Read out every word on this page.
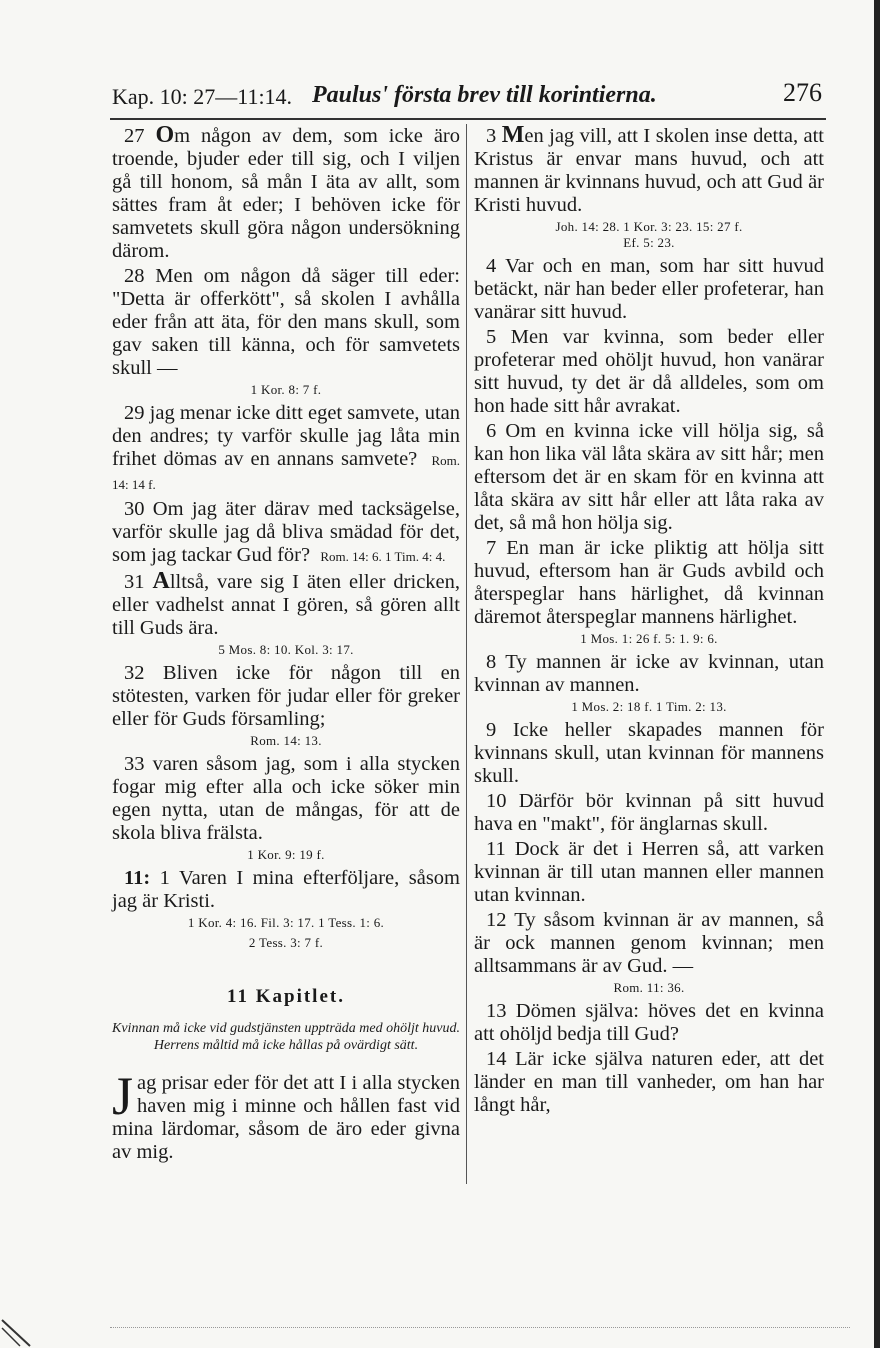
Kap. 10: 27—11:14. Paulus' första brev till korintierna.	276

27 Om någon av dem, som icke äro troende, bjuder eder till sig, och I viljen gå till honom, så mån I äta av allt, som sättes fram åt eder; I behöven icke för samvetets skull göra någon undersökning därom.

28 Men om någon då säger till eder: "Detta är offerkött", så skolen I avhålla eder från att äta, för den mans skull, som gav saken till känna, och för samvetets skull —

1 Kor. 8: 7 f.

29 jag menar icke ditt eget samvete, utan den andres; ty varför skulle jag låta min frihet dömas av en annans samvete? Rom. 14: 14 f.

30 Om jag äter därav med tacksägelse, varför skulle jag då bliva smädad för det, som jag tackar Gud för? Rom. 14: 6. 1 Tim. 4: 4.

31 Alltså, vare sig I äten eller dricken, eller vadhelst annat I gören, så gören allt till Guds ära.

5 Mos. 8: 10. Kol. 3: 17.

32 Bliven icke för någon till en stötesten, varken för judar eller för greker eller för Guds församling;

Rom. 14: 13.

33 varen såsom jag, som i alla stycken fogar mig efter alla och icke söker min egen nytta, utan de mångas, för att de skola bliva frälsta.

1 Kor. 9: 19 f.

11: 1 Varen I mina efterföljare, såsom jag är Kristi.

1 Kor. 4: 16. Fil. 3: 17. 1 Tess. 1: 6.

2 Tess. 3: 7 f.

11 Kapitlet.
Kvinnan må icke vid gudstjänsten uppträda med ohöljt huvud. Herrens måltid må icke hållas på ovärdigt sätt.

Jag prisar eder för det att I i alla stycken haven mig i minne och hållen fast vid mina lärdomar, såsom de äro eder givna av mig.

3 Men jag vill, att I skolen inse detta, att Kristus är envar mans huvud, och att mannen är kvinnans huvud, och att Gud är Kristi huvud.

Joh. 14: 28. 1 Kor. 3: 23. 15: 27 f.

Ef. 5: 23.

4 Var och en man, som har sitt huvud betäckt, när han beder eller profeterar, han vanärar sitt huvud.

5 Men var kvinna, som beder eller profeterar med ohöljt huvud, hon vanärar sitt huvud, ty det är då alldeles, som om hon hade sitt hår avrakat.

6 Om en kvinna icke vill hölja sig, så kan hon lika väl låta skära av sitt hår; men eftersom det är en skam för en kvinna att låta skära av sitt hår eller att låta raka av det, så må hon hölja sig.

7 En man är icke pliktig att hölja sitt huvud, eftersom han är Guds avbild och återspeglar hans härlighet, då kvinnan däremot återspeglar mannens härlighet.

1 Mos. 1: 26 f. 5: 1. 9: 6.

8 Ty mannen är icke av kvinnan, utan kvinnan av mannen.

1 Mos. 2: 18 f. 1 Tim. 2: 13.

9 Icke heller skapades mannen för kvinnans skull, utan kvinnan för mannens skull.

10 Därför bör kvinnan på sitt huvud hava en "makt", för änglarnas skull.

11 Dock är det i Herren så, att varken kvinnan är till utan mannen eller mannen utan kvinnan.

12 Ty såsom kvinnan är av mannen, så är ock mannen genom kvinnan; men alltsammans är av Gud. —

Rom. 11: 36.

13 Dömen själva: höves det en kvinna att ohöljd bedja till Gud?

14 Lär icke själva naturen eder, att det länder en man till vanheder, om han har långt hår,
